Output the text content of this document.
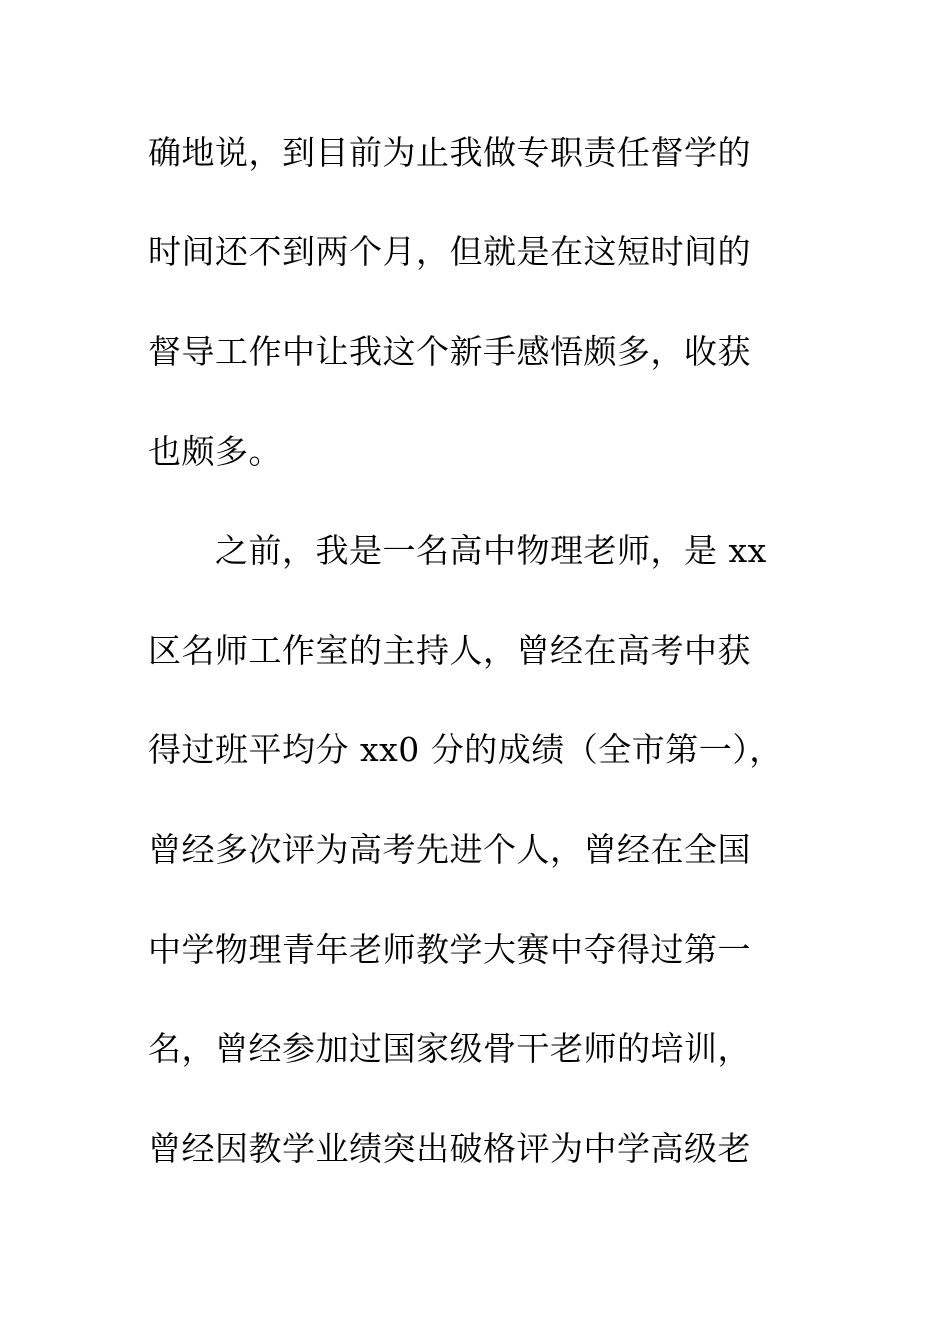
确地说，到目前为止我做专职责任督学的

时间还不到两个月，但就是在这短时间的

督导工作中让我这个新手感悟颇多，收获

也颇多。

之前，我是一名高中物理老师，是 xx

区名师工作室的主持人，曾经在高考中获

得过班平均分 xx0 分的成绩（全市第一），

曾经多次评为高考先进个人，曾经在全国

中学物理青年老师教学大赛中夺得过第一

名，曾经参加过国家级骨干老师的培训，

曾经因教学业绩突出破格评为中学高级老
